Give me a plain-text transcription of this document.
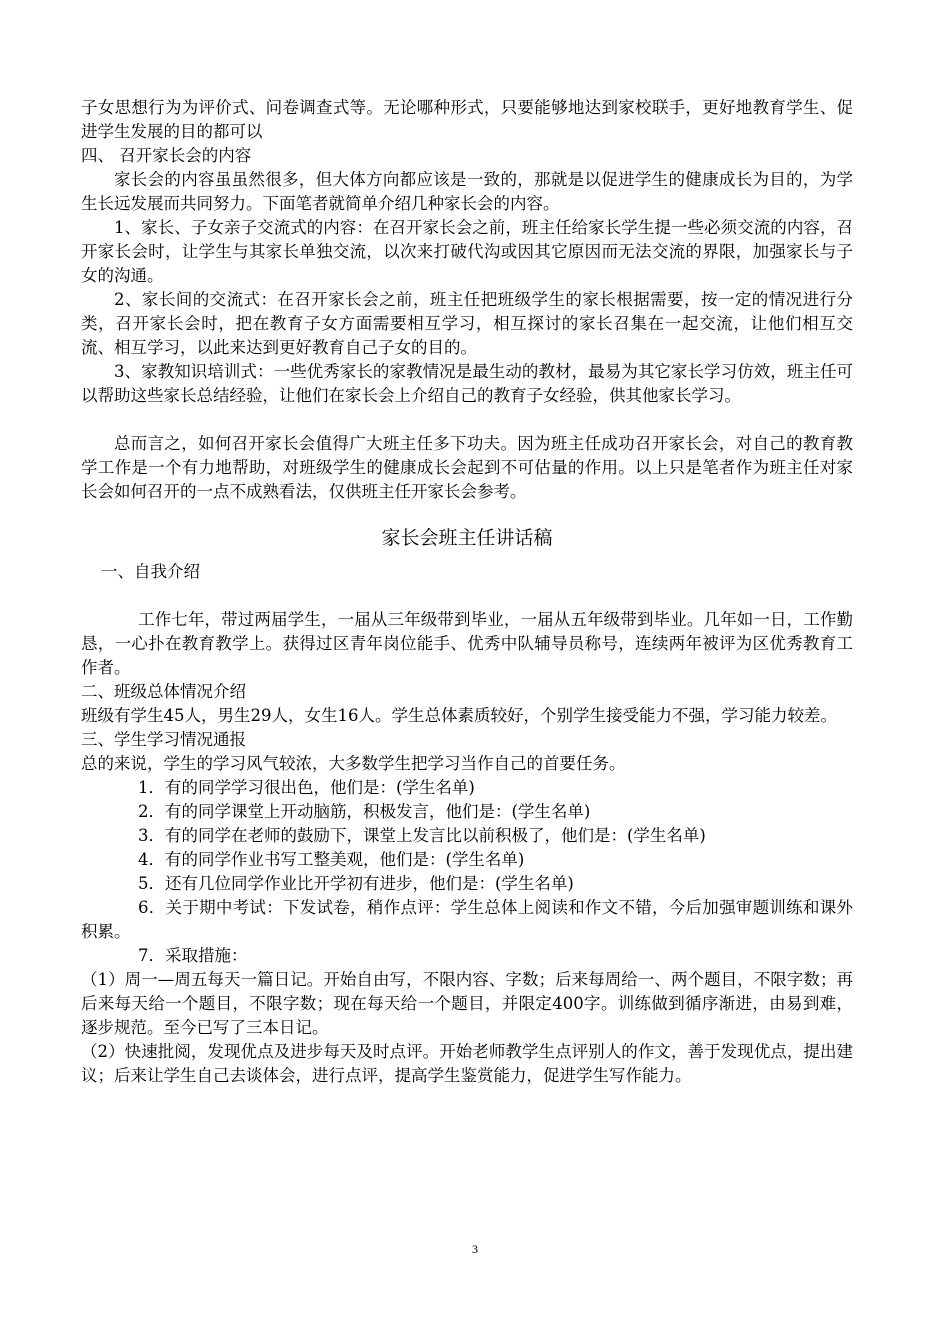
子女思想行为为评价式、问卷调查式等。无论哪种形式，只要能够地达到家校联手，更好地教育学生、促进学生发展的目的都可以

四、 召开家长会的内容

家长会的内容虽虽然很多，但大体方向都应该是一致的，那就是以促进学生的健康成长为目的，为学生长远发展而共同努力。下面笔者就简单介绍几种家长会的内容。

1、家长、子女亲子交流式的内容：在召开家长会之前，班主任给家长学生提一些必须交流的内容，召开家长会时，让学生与其家长单独交流，以次来打破代沟或因其它原因而无法交流的界限，加强家长与子女的沟通。

2、家长间的交流式：在召开家长会之前，班主任把班级学生的家长根据需要，按一定的情况进行分类，召开家长会时，把在教育子女方面需要相互学习，相互探讨的家长召集在一起交流，让他们相互交流、相互学习，以此来达到更好教育自己子女的目的。

3、家教知识培训式：一些优秀家长的家教情况是最生动的教材，最易为其它家长学习仿效，班主任可以帮助这些家长总结经验，让他们在家长会上介绍自己的教育子女经验，供其他家长学习。

总而言之，如何召开家长会值得广大班主任多下功夫。因为班主任成功召开家长会，对自己的教育教学工作是一个有力地帮助，对班级学生的健康成长会起到不可估量的作用。以上只是笔者作为班主任对家长会如何召开的一点不成熟看法，仅供班主任开家长会参考。

家长会班主任讲话稿

一、自我介绍

工作七年，带过两届学生，一届从三年级带到毕业，一届从五年级带到毕业。几年如一日，工作勤恳，一心扑在教育教学上。获得过区青年岗位能手、优秀中队辅导员称号，连续两年被评为区优秀教育工作者。

二、班级总体情况介绍

班级有学生45人，男生29人，女生16人。学生总体素质较好，个别学生接受能力不强，学习能力较差。

三、学生学习情况通报

总的来说，学生的学习风气较浓，大多数学生把学习当作自己的首要任务。

1．有的同学学习很出色，他们是：(学生名单)

2．有的同学课堂上开动脑筋，积极发言，他们是：(学生名单)

3．有的同学在老师的鼓励下，课堂上发言比以前积极了，他们是：(学生名单)

4．有的同学作业书写工整美观，他们是：(学生名单)

5．还有几位同学作业比开学初有进步，他们是：(学生名单)

6．关于期中考试：下发试卷，稍作点评：学生总体上阅读和作文不错，今后加强审题训练和课外积累。

7．采取措施：

（1）周一—周五每天一篇日记。开始自由写，不限内容、字数；后来每周给一、两个题目，不限字数；再后来每天给一个题目，不限字数；现在每天给一个题目，并限定400字。训练做到循序渐进，由易到难，逐步规范。至今已写了三本日记。

（2）快速批阅，发现优点及进步每天及时点评。开始老师教学生点评别人的作文，善于发现优点，提出建议；后来让学生自己去谈体会，进行点评，提高学生鉴赏能力，促进学生写作能力。

3
